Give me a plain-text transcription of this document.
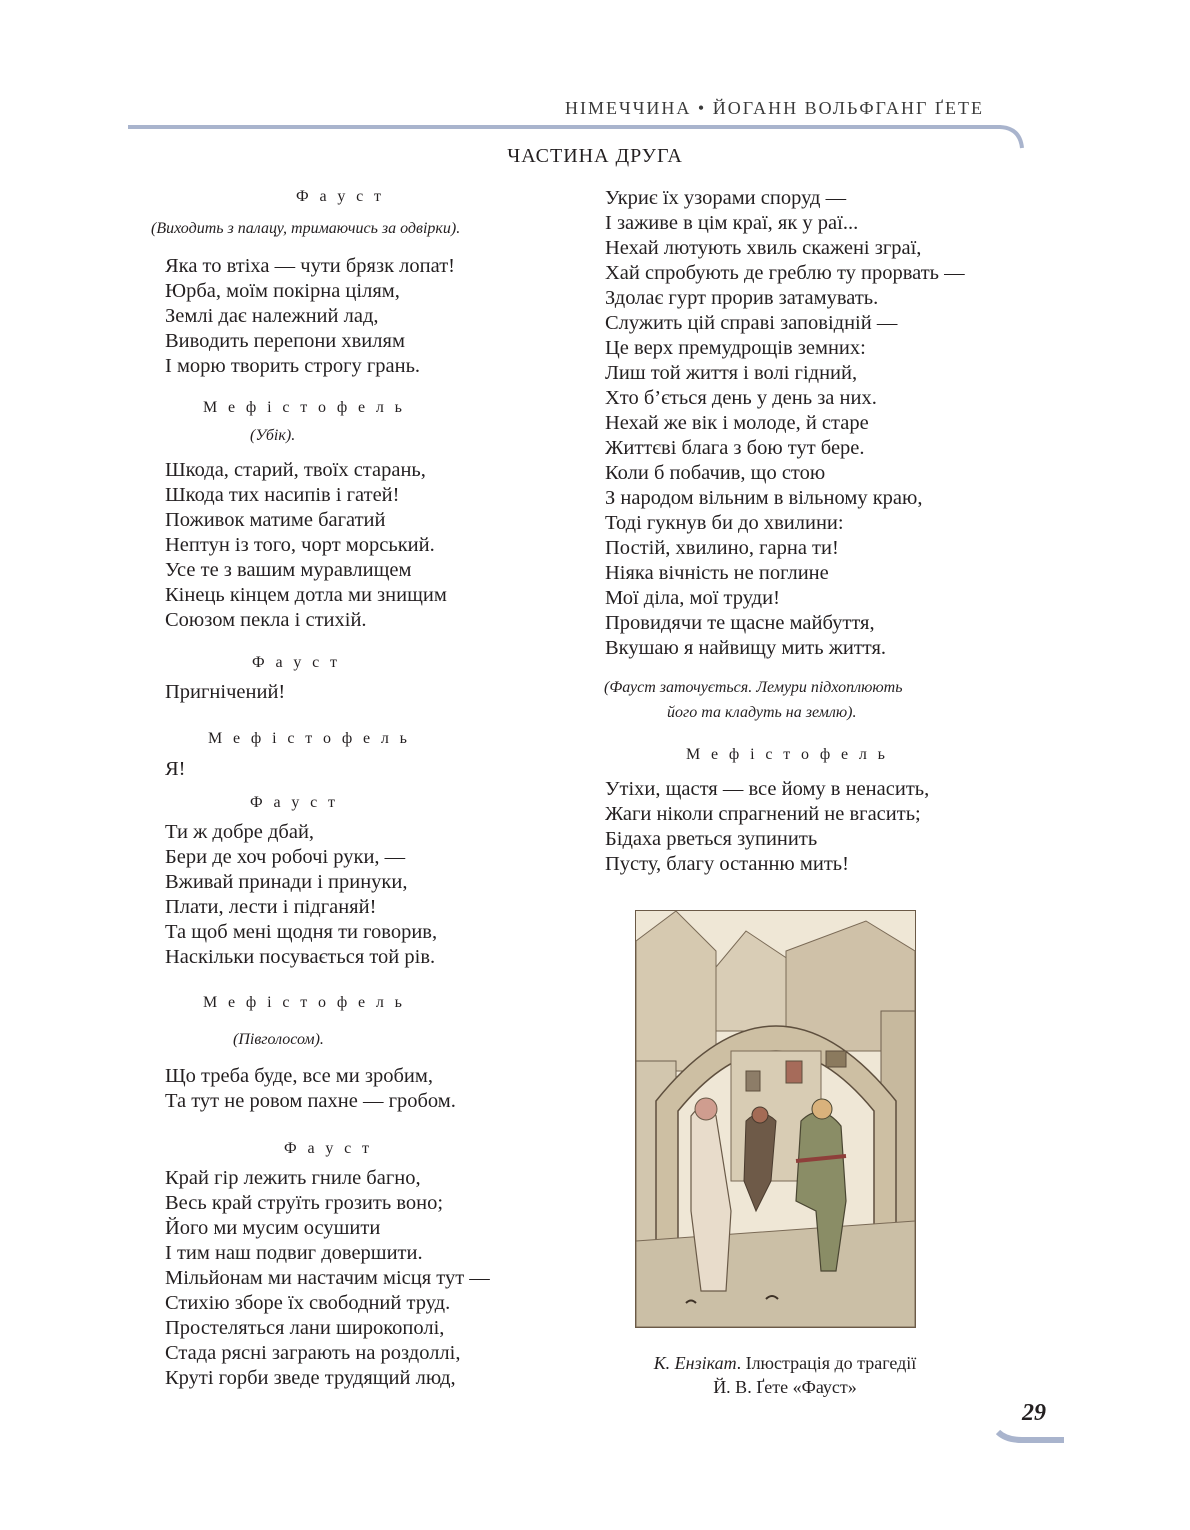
НІМЕЧЧИНА • ЙОГАНН ВОЛЬФГАНГ ҐЕТЕ
ЧАСТИНА ДРУГА
Ф а у с т
(Виходить з палацу, тримаючись за одвірки).
Яка то втіха — чути брязк лопат!
Юрба, моїм покірна цілям,
Землі дає належний лад,
Виводить перепони хвилям
І морю творить строгу грань.
М е ф і с т о ф е л ь
(Убік).
Шкода, старий, твоїх старань,
Шкода тих насипів і гатей!
Поживок матиме багатий
Нептун із того, чорт морський.
Усе те з вашим муравлищем
Кінець кінцем дотла ми знищим
Союзом пекла і стихій.
Ф а у с т
Пригнічений!
М е ф і с т о ф е л ь
Я!
Ф а у с т
Ти ж добре дбай,
Бери де хоч робочі руки, —
Вживай принади і принуки,
Плати, лести і підганяй!
Та щоб мені щодня ти говорив,
Наскільки посувається той рів.
М е ф і с т о ф е л ь
(Півголосом).
Що треба буде, все ми зробим,
Та тут не ровом пахне — гробом.
Ф а у с т
Край гір лежить гниле багно,
Весь край струїть грозить воно;
Його ми мусим осушити
І тим наш подвиг довершити.
Мільйонам ми настачим місця тут —
Стихію зборе їх свободний труд.
Простеляться лани широкополі,
Стада рясні заграють на роздоллі,
Круті горби зведе трудящий люд,
Укриє їх узорами споруд —
І заживе в цім краї, як у раї...
Нехай лютують хвиль скажені зграї,
Хай спробують де греблю ту прорвать —
Здолає гурт прорив затамувать.
Служить цій справі заповідній —
Це верх премудрощів земних:
Лиш той життя і волі гідний,
Хто б’ється день у день за них.
Нехай же вік і молоде, й старе
Життєві блага з бою тут бере.
Коли б побачив, що стою
З народом вільним в вільному краю,
Тоді гукнув би до хвилини:
Постій, хвилино, гарна ти!
Ніяка вічність не поглине
Мої діла, мої труди!
Провидячи те щасне майбуття,
Вкушаю я найвищу мить життя.
(Фауст заточується. Лемури підхоплюють
його та кладуть на землю).
М е ф і с т о ф е л ь
Утіхи, щастя — все йому в ненасить,
Жаги ніколи спрагнений не вгасить;
Бідаха рветься зупинить
Пусту, благу останню мить!
К. Ензікат. Ілюстрація до трагедії
Й. В. Ґете «Фауст»
29
